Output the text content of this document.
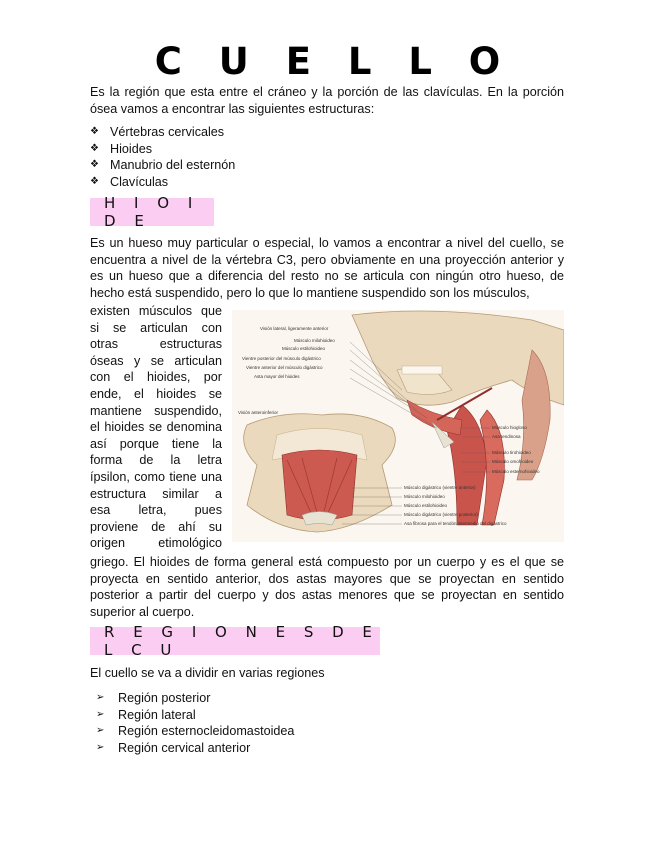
C U E L L O
Es la región que esta entre el cráneo y la porción de las clavículas. En la porción ósea vamos a encontrar las siguientes estructuras:
❖ Vértebras cervicales
❖ Hioides
❖ Manubrio del esternón
❖ Clavículas
H I O I D E
Es un hueso muy particular o especial, lo vamos a encontrar a nivel del cuello, se encuentra a nivel de la vértebra C3, pero obviamente en una proyección anterior y es un hueso que a diferencia del resto no se articula con ningún otro hueso, de hecho está suspendido, pero lo que lo mantiene suspendido son los músculos,
existen músculos que
si se articulan con
otras estructuras
óseas y se articulan
con el hioides, por
ende, el hioides se
mantiene suspendido,
el hioides se denomina
así porque tiene la
forma de la letra
ípsilon, como tiene una
estructura similar a
esa letra, pues
proviene de ahí su
origen etimológico
Visión lateral, ligeramente anterior
Visión anteroinferior
Músculo milohioideo
Músculo estilohioideo
Vientre posterior del músculo digástrico
Vientre anterior del músculo digástrico
Asta mayor del hioides
Músculo hiogloso
Asa tendinosa
Músculo tirohioideo
Músculo omohioideo
Músculo esternohioideo
Músculo digástrico (vientre anterior)
Músculo milohioideo
Músculo estilohioideo
Músculo digástrico (vientre posterior)
Asa fibrosa para el tendón intermedio del digástrico
griego. El hioides de forma general está compuesto por un cuerpo y es el que se proyecta en sentido anterior, dos astas mayores que se proyectan en sentido posterior a partir del cuerpo y dos astas menores que se proyectan en sentido superior al cuerpo.
R E G I O N E S D E L C U
El cuello se va a dividir en varias regiones
➢	Región posterior
➢	Región lateral
➢	Región esternocleidomastoidea
➢	Región cervical anterior
